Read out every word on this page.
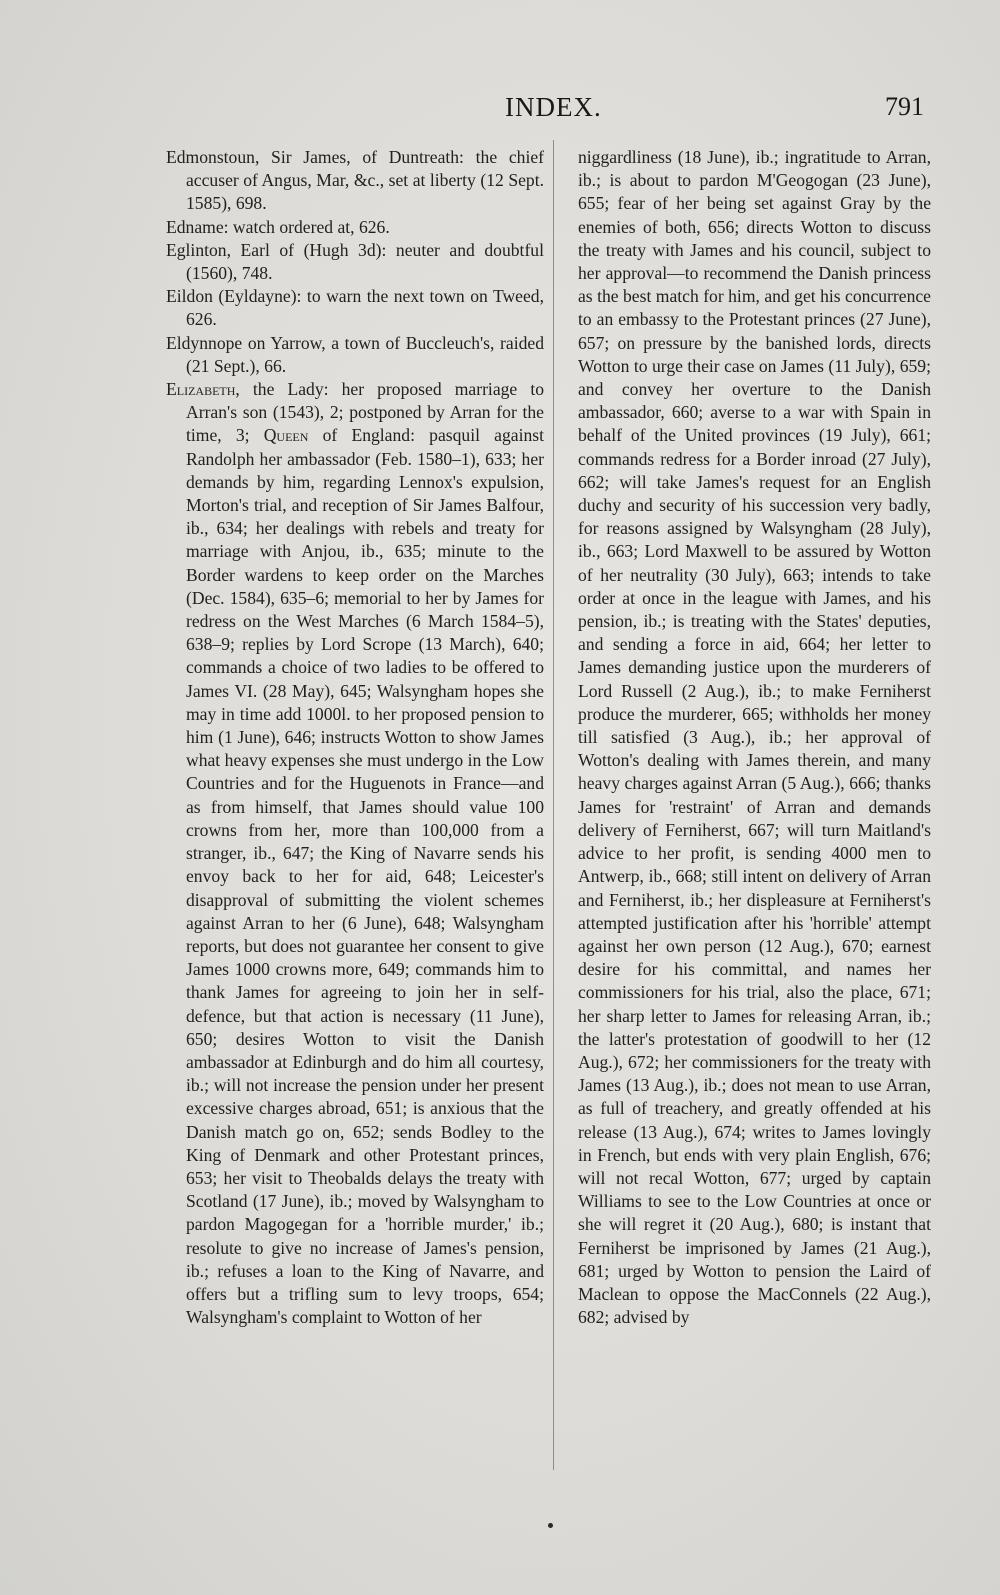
INDEX.	791

Edmonstoun, Sir James, of Duntreath: the chief accuser of Angus, Mar, &c., set at liberty (12 Sept. 1585), 698.

Edname: watch ordered at, 626.

Eglinton, Earl of (Hugh 3d): neuter and doubtful (1560), 748.

Eildon (Eyldayne): to warn the next town on Tweed, 626.

Eldynnope on Yarrow, a town of Buccleuch's, raided (21 Sept.), 66.

Elizabeth, the Lady: her proposed marriage to Arran's son (1543), 2; postponed by Arran for the time, 3; Queen of England: pasquil against Randolph her ambassador (Feb. 1580–1), 633; her demands by him, regarding Lennox's expulsion, Morton's trial, and reception of Sir James Balfour, ib., 634; her dealings with rebels and treaty for marriage with Anjou, ib., 635; minute to the Border wardens to keep order on the Marches (Dec. 1584), 635–6; memorial to her by James for redress on the West Marches (6 March 1584–5), 638–9; replies by Lord Scrope (13 March), 640; commands a choice of two ladies to be offered to James VI. (28 May), 645; Walsyngham hopes she may in time add 1000l. to her proposed pension to him (1 June), 646; instructs Wotton to show James what heavy expenses she must undergo in the Low Countries and for the Huguenots in France—and as from himself, that James should value 100 crowns from her, more than 100,000 from a stranger, ib., 647; the King of Navarre sends his envoy back to her for aid, 648; Leicester's disapproval of submitting the violent schemes against Arran to her (6 June), 648; Walsyngham reports, but does not guarantee her consent to give James 1000 crowns more, 649; commands him to thank James for agreeing to join her in self-defence, but that action is necessary (11 June), 650; desires Wotton to visit the Danish ambassador at Edinburgh and do him all courtesy, ib.; will not increase the pension under her present excessive charges abroad, 651; is anxious that the Danish match go on, 652; sends Bodley to the King of Denmark and other Protestant princes, 653; her visit to Theobalds delays the treaty with Scotland (17 June), ib.; moved by Walsyngham to pardon Magogegan for a 'horrible murder,' ib.; resolute to give no increase of James's pension, ib.; refuses a loan to the King of Navarre, and offers but a trifling sum to levy troops, 654; Walsyngham's complaint to Wotton of her

niggardliness (18 June), ib.; ingratitude to Arran, ib.; is about to pardon M'Geogogan (23 June), 655; fear of her being set against Gray by the enemies of both, 656; directs Wotton to discuss the treaty with James and his council, subject to her approval—to recommend the Danish princess as the best match for him, and get his concurrence to an embassy to the Protestant princes (27 June), 657; on pressure by the banished lords, directs Wotton to urge their case on James (11 July), 659; and convey her overture to the Danish ambassador, 660; averse to a war with Spain in behalf of the United provinces (19 July), 661; commands redress for a Border inroad (27 July), 662; will take James's request for an English duchy and security of his succession very badly, for reasons assigned by Walsyngham (28 July), ib., 663; Lord Maxwell to be assured by Wotton of her neutrality (30 July), 663; intends to take order at once in the league with James, and his pension, ib.; is treating with the States' deputies, and sending a force in aid, 664; her letter to James demanding justice upon the murderers of Lord Russell (2 Aug.), ib.; to make Ferniherst produce the murderer, 665; withholds her money till satisfied (3 Aug.), ib.; her approval of Wotton's dealing with James therein, and many heavy charges against Arran (5 Aug.), 666; thanks James for 'restraint' of Arran and demands delivery of Ferniherst, 667; will turn Maitland's advice to her profit, is sending 4000 men to Antwerp, ib., 668; still intent on delivery of Arran and Ferniherst, ib.; her displeasure at Ferniherst's attempted justification after his 'horrible' attempt against her own person (12 Aug.), 670; earnest desire for his committal, and names her commissioners for his trial, also the place, 671; her sharp letter to James for releasing Arran, ib.; the latter's protestation of goodwill to her (12 Aug.), 672; her commissioners for the treaty with James (13 Aug.), ib.; does not mean to use Arran, as full of treachery, and greatly offended at his release (13 Aug.), 674; writes to James lovingly in French, but ends with very plain English, 676; will not recal Wotton, 677; urged by captain Williams to see to the Low Countries at once or she will regret it (20 Aug.), 680; is instant that Ferniherst be imprisoned by James (21 Aug.), 681; urged by Wotton to pension the Laird of Maclean to oppose the MacConnels (22 Aug.), 682; advised by
